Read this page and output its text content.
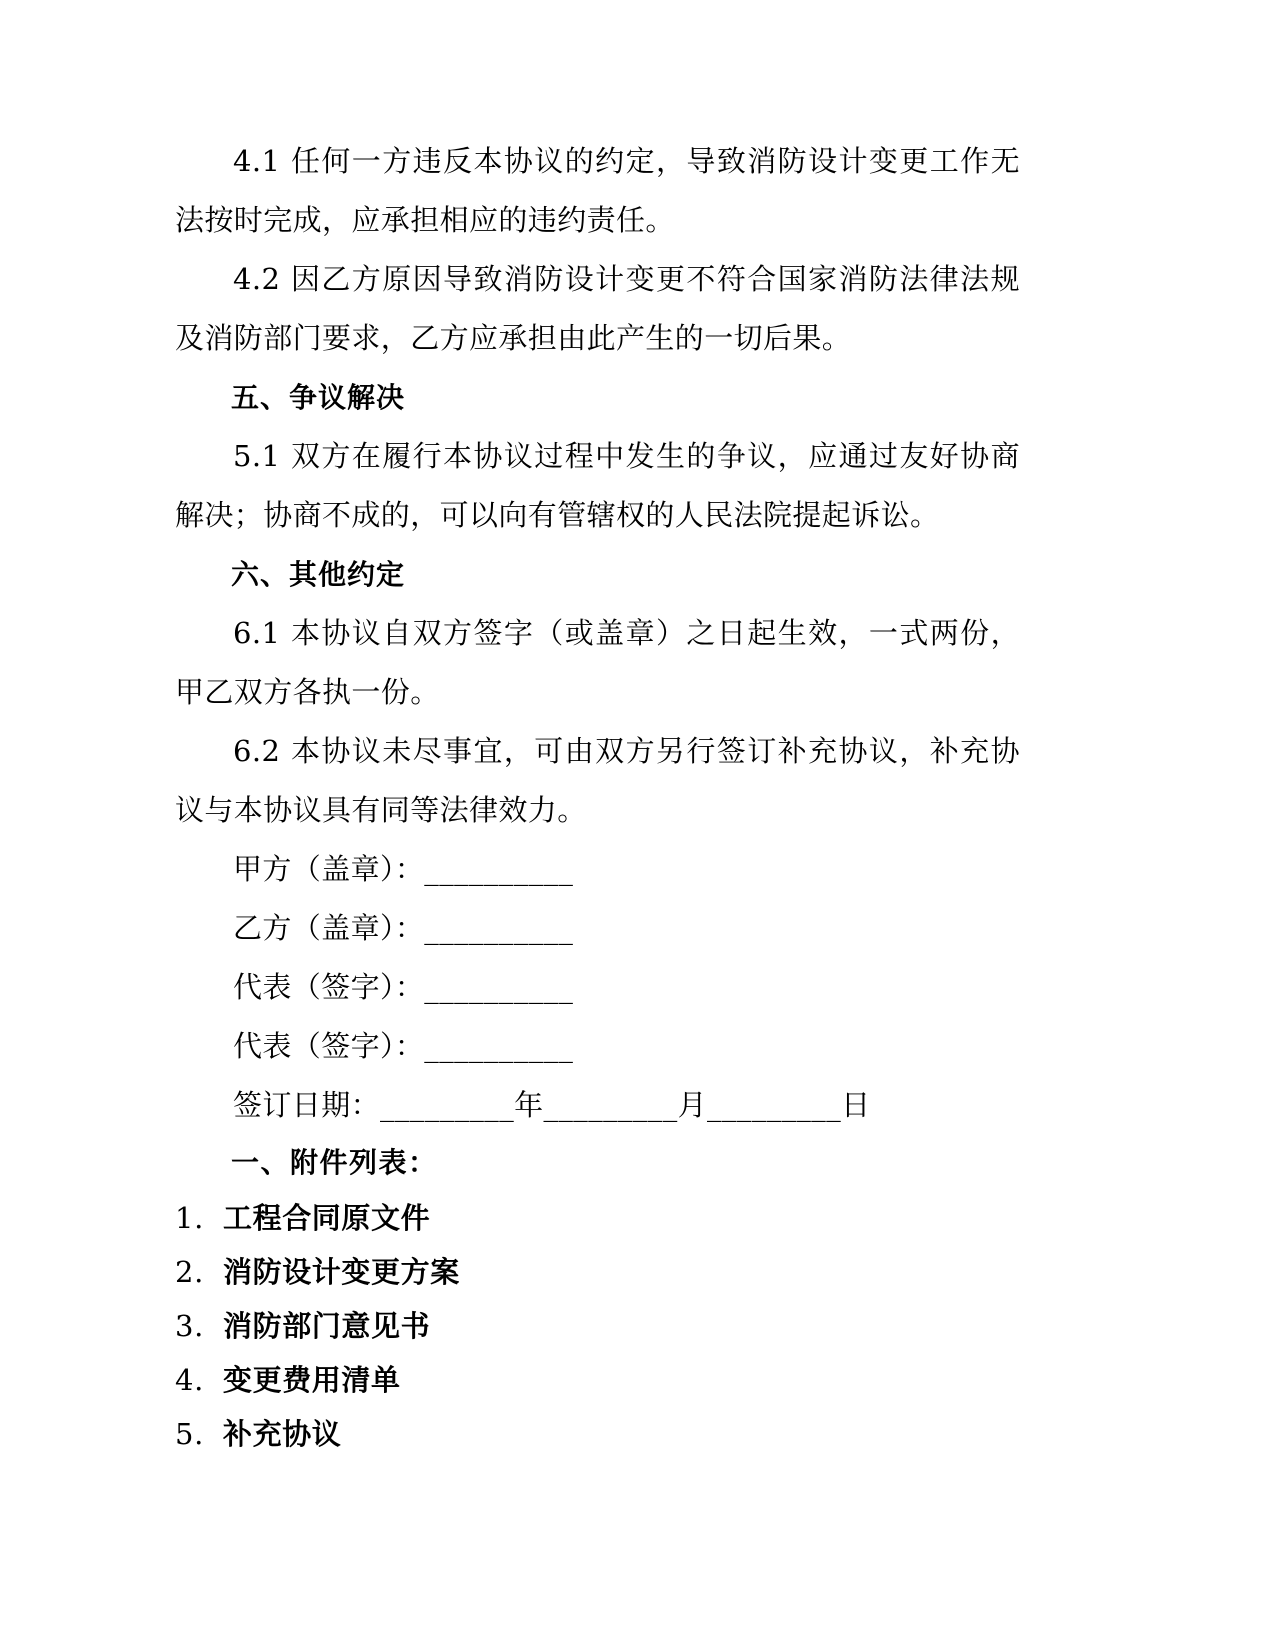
4.1 任何一方违反本协议的约定，导致消防设计变更工作无法按时完成，应承担相应的违约责任。

4.2 因乙方原因导致消防设计变更不符合国家消防法律法规及消防部门要求，乙方应承担由此产生的一切后果。

五、争议解决

5.1 双方在履行本协议过程中发生的争议，应通过友好协商解决；协商不成的，可以向有管辖权的人民法院提起诉讼。

六、其他约定

6.1 本协议自双方签字（或盖章）之日起生效，一式两份，甲乙双方各执一份。

6.2 本协议未尽事宜，可由双方另行签订补充协议，补充协议与本协议具有同等法律效力。

甲方（盖章）：__________

乙方（盖章）：__________

代表（签字）：__________

代表（签字）：__________

签订日期：_________年_________月_________日

一、附件列表：
工程合同原文件
消防设计变更方案
消防部门意见书
变更费用清单
补充协议
